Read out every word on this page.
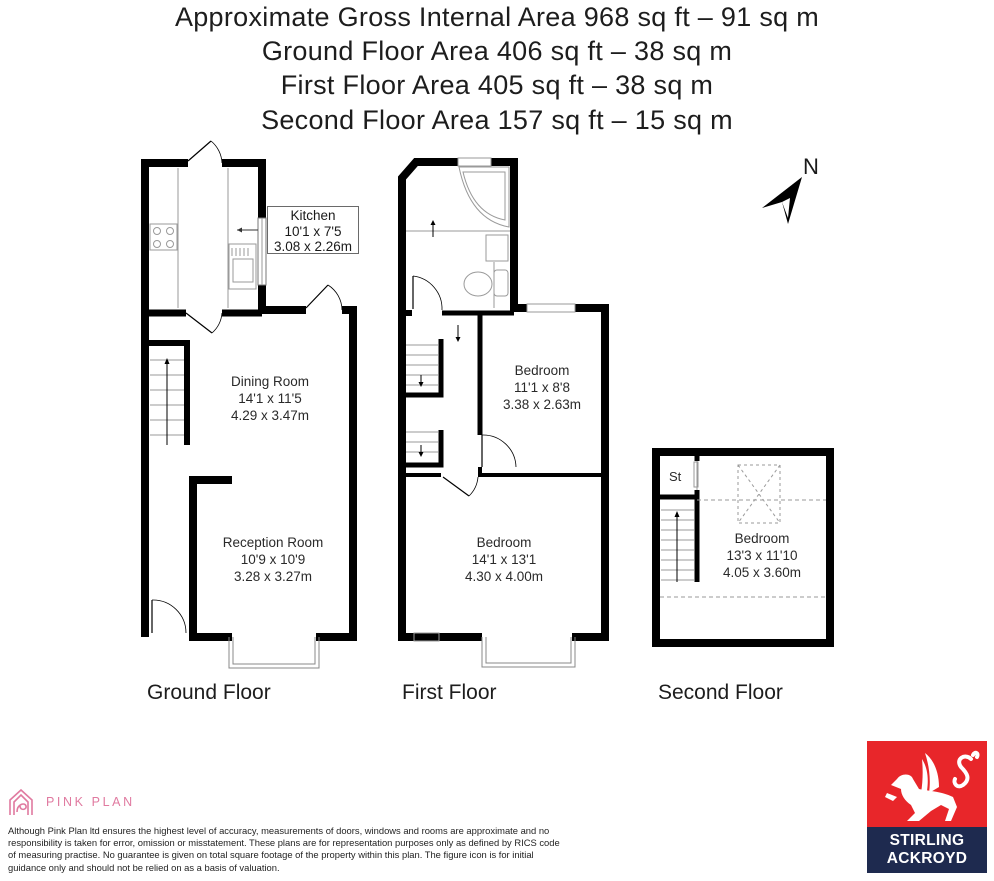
Approximate Gross Internal Area 968 sq ft – 91 sq m
Ground Floor Area 406 sq ft – 38 sq m
First Floor Area 405 sq ft – 38 sq m
Second Floor Area 157 sq ft – 15 sq m
N
Kitchen
10'1 x 7'5
3.08 x 2.26m
Dining Room
14'1 x 11'5
4.29 x 3.47m
Reception Room
10'9 x 10'9
3.28 x 3.27m
Bedroom
11'1 x 8'8
3.38 x 2.63m
Bedroom
14'1 x 13'1
4.30 x 4.00m
Bedroom
13'3 x 11'10
4.05 x 3.60m
St
Ground Floor	First Floor	Second Floor
PINK PLAN
Although Pink Plan ltd ensures the highest level of accuracy, measurements of doors, windows and rooms are approximate and no responsibility is taken for error, omission or misstatement. These plans are for representation purposes only as defined by RICS code of measuring practise. No guarantee is given on total square footage of the property within this plan. The figure icon is for initial guidance only and should not be relied on as a basis of valuation.
STIRLING
ACKROYD
